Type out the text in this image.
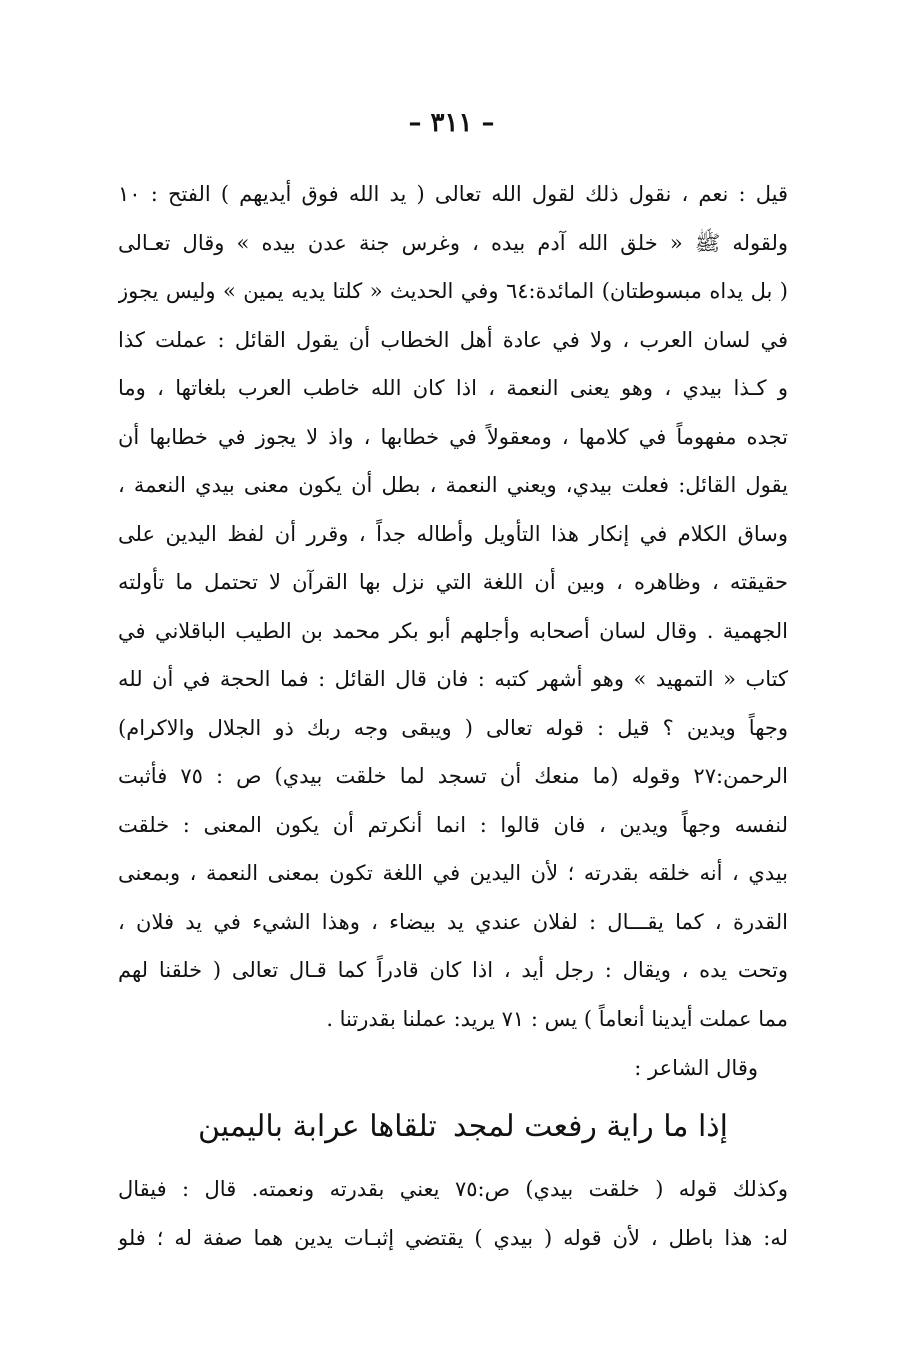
– ٣١١ –
قيل : نعم ، نقول ذلك لقول الله تعالى ( يد الله فوق أيديهم ) الفتح : ١٠
ولقوله ﷺ « خلق الله آدم بيده ، وغرس جنة عدن بيده » وقال تعـالى
( بل يداه مبسوطتان) المائدة:٦٤ وفي الحديث « كلتا يديه يمين » وليس يجوز
في لسان العرب ، ولا في عادة أهل الخطاب أن يقول القائل : عملت كذا
و كـذا بيدي ، وهو يعنى النعمة ، اذا كان الله خاطب العرب بلغاتها ، وما
تجده مفهوماً في كلامها ، ومعقولاً في خطابها ، واذ لا يجوز في خطابها أن
يقول القائل: فعلت بيدي، ويعني النعمة ، بطل أن يكون معنى بيدي النعمة ،
وساق الكلام في إنكار هذا التأويل وأطاله جداً ، وقرر أن لفظ اليدين على
حقيقته ، وظاهره ، وبين أن اللغة التي نزل بها القرآن لا تحتمل ما تأولته
الجهمية . وقال لسان أصحابه وأجلهم أبو بكر محمد بن الطيب الباقلاني في
كتاب « التمهيد » وهو أشهر كتبه : فان قال القائل : فما الحجة في أن لله
وجهاً ويدين ؟ قيل : قوله تعالى ( ويبقى وجه ربك ذو الجلال والاكرام)
الرحمن:٢٧ وقوله (ما منعك أن تسجد لما خلقت بيدي) ص : ٧٥ فأثبت
لنفسه وجهاً ويدين ، فان قالوا : انما أنكرتم أن يكون المعنى : خلقت
بيدي ، أنه خلقه بقدرته ؛ لأن اليدين في اللغة تكون بمعنى النعمة ، وبمعنى
القدرة ، كما يقـــال : لفلان عندي يد بيضاء ، وهذا الشيء في يد فلان ،
وتحت يده ، ويقال : رجل أيد ، اذا كان قادراً كما قـال تعالى ( خلقنا لهم
مما عملت أيدينا أنعاماً ) يس : ٧١ يريد: عملنا بقدرتنا .
وقال الشاعر :
إذا ما راية رفعت لمجد
تلقاها عرابة باليمين
وكذلك قوله ( خلقت بيدي) ص:٧٥ يعني بقدرته ونعمته. قال : فيقال
له: هذا باطل ، لأن قوله ( بيدي ) يقتضي إثبـات يدين هما صفة له ؛ فلو
